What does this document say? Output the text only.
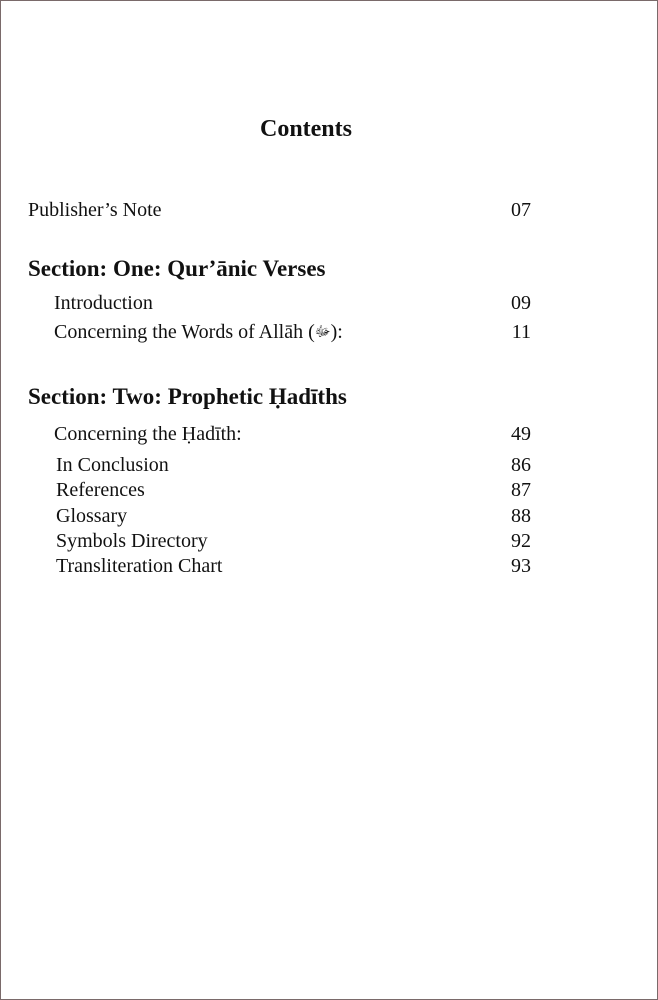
Contents
Publisher’s Note	07
Section: One: Qur’ānic Verses
Introduction	09
Concerning the Words of Allāh (ﷻ):	11
Section: Two: Prophetic Ḥadīths
Concerning the Ḥadīth:	49
In Conclusion	86
References	87
Glossary	88
Symbols Directory	92
Transliteration Chart	93
